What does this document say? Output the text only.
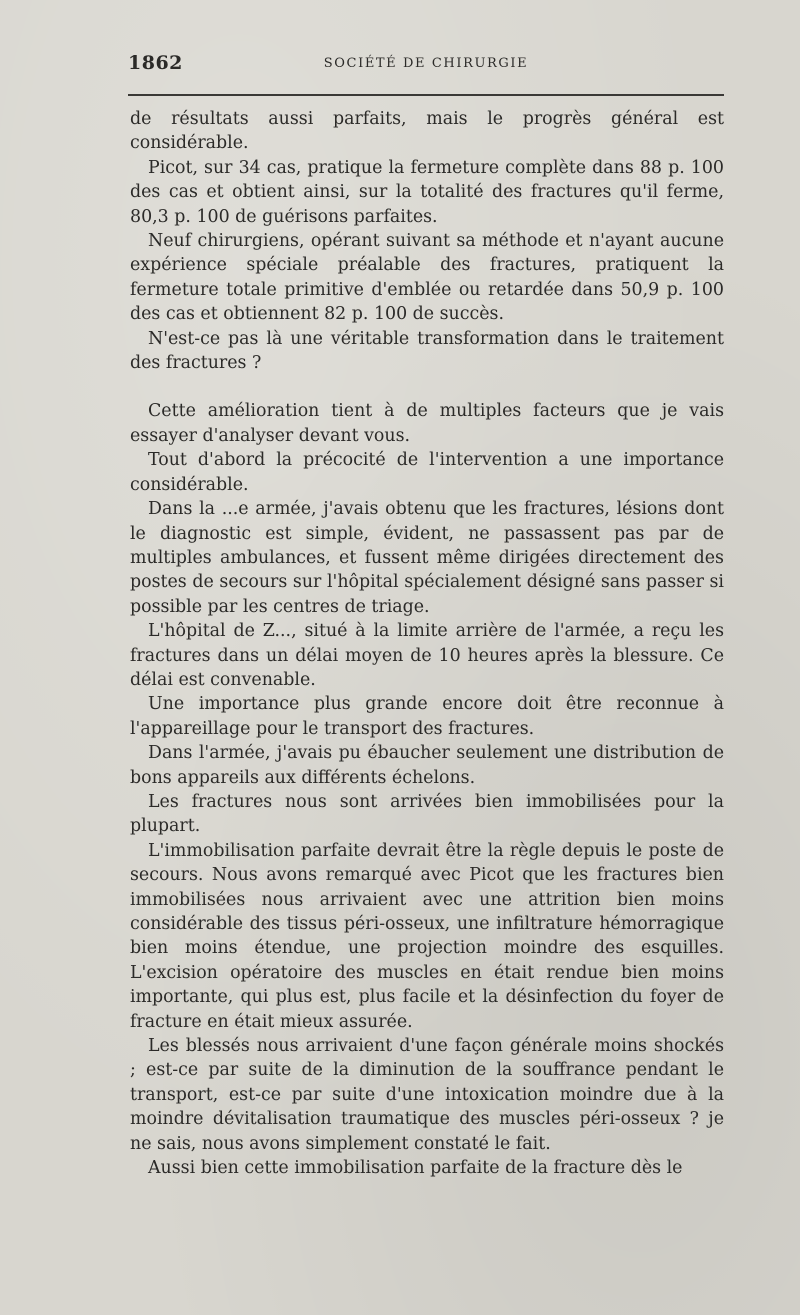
1862	SOCIÉTÉ DE CHIRURGIE

de résultats aussi parfaits, mais le progrès général est considérable.

Picot, sur 34 cas, pratique la fermeture complète dans 88 p. 100 des cas et obtient ainsi, sur la totalité des fractures qu'il ferme, 80,3 p. 100 de guérisons parfaites.

Neuf chirurgiens, opérant suivant sa méthode et n'ayant aucune expérience spéciale préalable des fractures, pratiquent la fermeture totale primitive d'emblée ou retardée dans 50,9 p. 100 des cas et obtiennent 82 p. 100 de succès.

N'est-ce pas là une véritable transformation dans le traitement des fractures ?

Cette amélioration tient à de multiples facteurs que je vais essayer d'analyser devant vous.

Tout d'abord la précocité de l'intervention a une importance considérable.

Dans la ...e armée, j'avais obtenu que les fractures, lésions dont le diagnostic est simple, évident, ne passassent pas par de multiples ambulances, et fussent même dirigées directement des postes de secours sur l'hôpital spécialement désigné sans passer si possible par les centres de triage.

L'hôpital de Z..., situé à la limite arrière de l'armée, a reçu les fractures dans un délai moyen de 10 heures après la blessure. Ce délai est convenable.

Une importance plus grande encore doit être reconnue à l'appareillage pour le transport des fractures.

Dans l'armée, j'avais pu ébaucher seulement une distribution de bons appareils aux différents échelons.

Les fractures nous sont arrivées bien immobilisées pour la plupart.

L'immobilisation parfaite devrait être la règle depuis le poste de secours. Nous avons remarqué avec Picot que les fractures bien immobilisées nous arrivaient avec une attrition bien moins considérable des tissus péri-osseux, une infiltrature hémorragique bien moins étendue, une projection moindre des esquilles. L'excision opératoire des muscles en était rendue bien moins importante, qui plus est, plus facile et la désinfection du foyer de fracture en était mieux assurée.

Les blessés nous arrivaient d'une façon générale moins shockés ; est-ce par suite de la diminution de la souffrance pendant le transport, est-ce par suite d'une intoxication moindre due à la moindre dévitalisation traumatique des muscles péri-osseux ? je ne sais, nous avons simplement constaté le fait.

Aussi bien cette immobilisation parfaite de la fracture dès le
